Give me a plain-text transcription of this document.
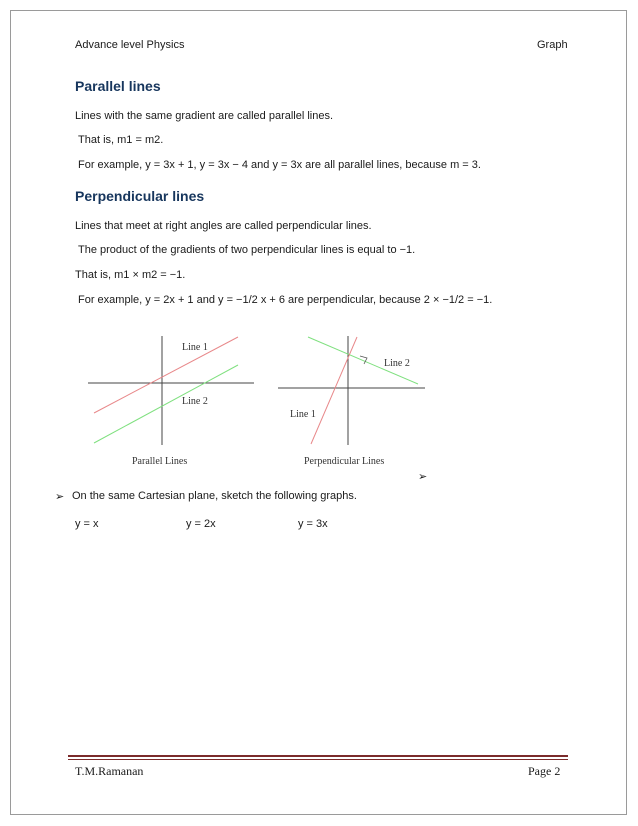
Advance level Physics	Graph
Parallel lines
Lines with the same gradient are called parallel lines.
That is, m1 = m2.
For example, y = 3x + 1, y = 3x − 4 and y = 3x are all parallel lines, because m = 3.
Perpendicular lines
Lines that meet at right angles are called perpendicular lines.
The product of the gradients of two perpendicular lines is equal to −1.
That is, m1 × m2 = −1.
For example, y = 2x + 1 and y = −1/2 x + 6 are perpendicular, because 2 × −1/2 = −1.
Line 1
Line 2
Parallel Lines
Line 2
Line 1
Perpendicular Lines
➢
➢ On the same Cartesian plane, sketch the following graphs.
y = x	y = 2x	y = 3x
T.M.Ramanan	Page 2
